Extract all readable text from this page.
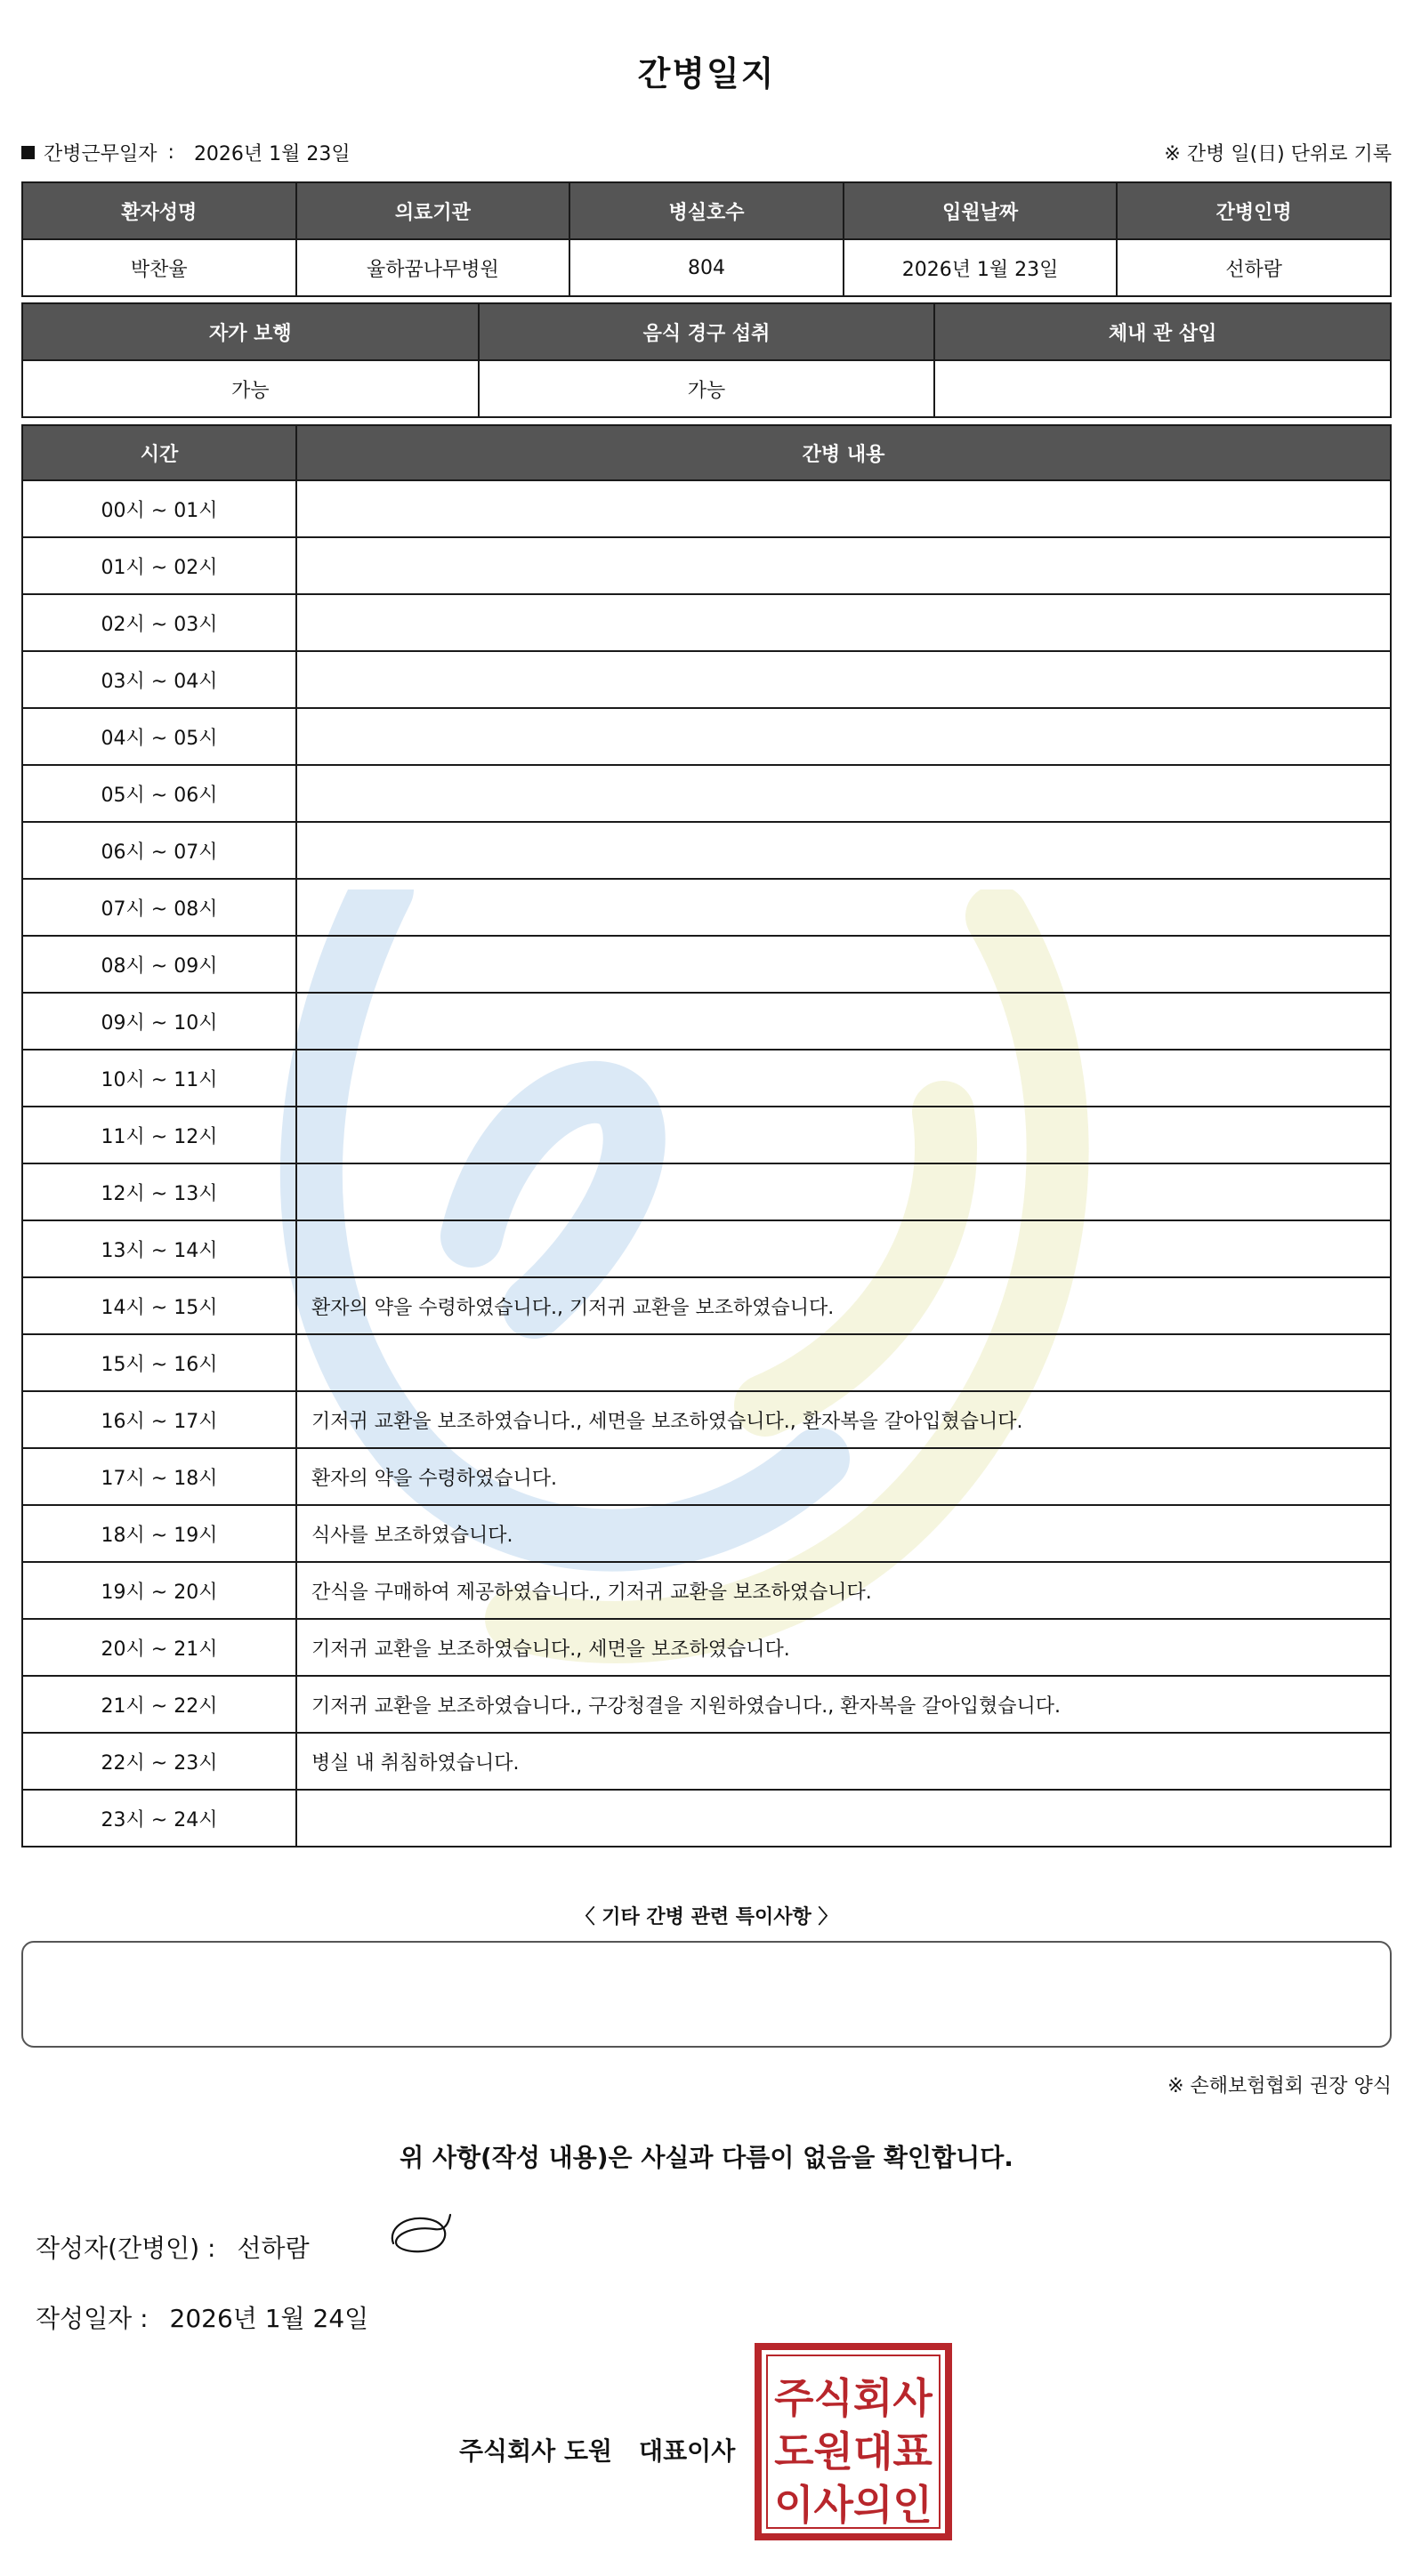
간병일지
간병근무일자 : 2026년 1월 23일	※ 간병 일(日) 단위로 기록
환자성명	의료기관	병실호수	입원날짜	간병인명
박찬율	율하꿈나무병원	804	2026년 1월 23일	선하람
자가 보행	음식 경구 섭취	체내 관 삽입
가능	가능	
시간	간병 내용
00시 ~ 01시	
01시 ~ 02시	
02시 ~ 03시	
03시 ~ 04시	
04시 ~ 05시	
05시 ~ 06시	
06시 ~ 07시	
07시 ~ 08시	
08시 ~ 09시	
09시 ~ 10시	
10시 ~ 11시	
11시 ~ 12시	
12시 ~ 13시	
13시 ~ 14시	
14시 ~ 15시	환자의 약을 수령하였습니다., 기저귀 교환을 보조하였습니다.
15시 ~ 16시	
16시 ~ 17시	기저귀 교환을 보조하였습니다., 세면을 보조하였습니다., 환자복을 갈아입혔습니다.
17시 ~ 18시	환자의 약을 수령하였습니다.
18시 ~ 19시	식사를 보조하였습니다.
19시 ~ 20시	간식을 구매하여 제공하였습니다., 기저귀 교환을 보조하였습니다.
20시 ~ 21시	기저귀 교환을 보조하였습니다., 세면을 보조하였습니다.
21시 ~ 22시	기저귀 교환을 보조하였습니다., 구강청결을 지원하였습니다., 환자복을 갈아입혔습니다.
22시 ~ 23시	병실 내 취침하였습니다.
23시 ~ 24시	
〈 기타 간병 관련 특이사항 〉
※ 손해보험협회 권장 양식
위 사항(작성 내용)은 사실과 다름이 없음을 확인합니다.
작성자(간병인) : 선하람
작성일자 : 2026년 1월 24일
주식회사 도원 대표이사
주식회사
도원대표
이사의인
